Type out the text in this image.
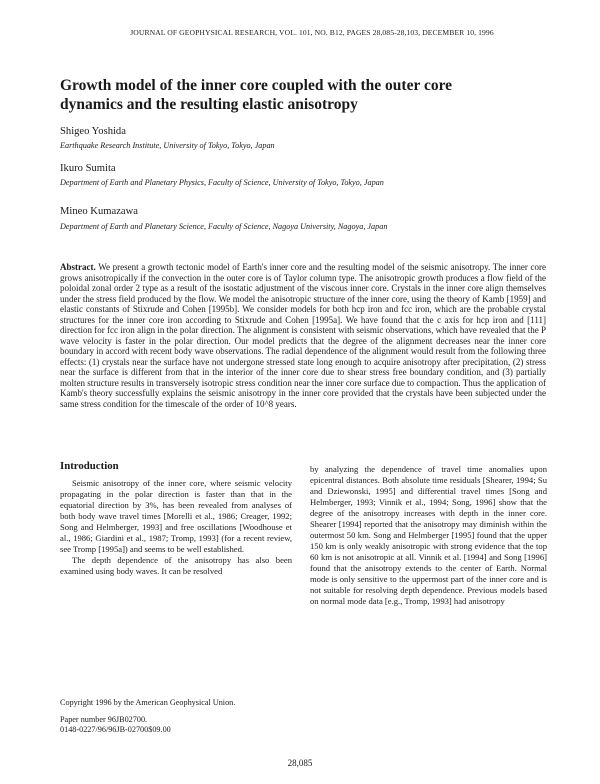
JOURNAL OF GEOPHYSICAL RESEARCH, VOL. 101, NO. B12, PAGES 28,085-28,103, DECEMBER 10, 1996
Growth model of the inner core coupled with the outer core dynamics and the resulting elastic anisotropy
Shigeo Yoshida
Earthquake Research Institute, University of Tokyo, Tokyo, Japan
Ikuro Sumita
Department of Earth and Planetary Physics, Faculty of Science, University of Tokyo, Tokyo, Japan
Mineo Kumazawa
Department of Earth and Planetary Science, Faculty of Science, Nagoya University, Nagoya, Japan
Abstract. We present a growth tectonic model of Earth's inner core and the resulting model of the seismic anisotropy. The inner core grows anisotropically if the convection in the outer core is of Taylor column type. The anisotropic growth produces a flow field of the poloidal zonal order 2 type as a result of the isostatic adjustment of the viscous inner core. Crystals in the inner core align themselves under the stress field produced by the flow. We model the anisotropic structure of the inner core, using the theory of Kamb [1959] and elastic constants of Stixrude and Cohen [1995b]. We consider models for both hcp iron and fcc iron, which are the probable crystal structures for the inner core iron according to Stixrude and Cohen [1995a]. We have found that the c axis for hcp iron and [111] direction for fcc iron align in the polar direction. The alignment is consistent with seismic observations, which have revealed that the P wave velocity is faster in the polar direction. Our model predicts that the degree of the alignment decreases near the inner core boundary in accord with recent body wave observations. The radial dependence of the alignment would result from the following three effects: (1) crystals near the surface have not undergone stressed state long enough to acquire anisotropy after precipitation, (2) stress near the surface is different from that in the interior of the inner core due to shear stress free boundary condition, and (3) partially molten structure results in transversely isotropic stress condition near the inner core surface due to compaction. Thus the application of Kamb's theory successfully explains the seismic anisotropy in the inner core provided that the crystals have been subjected under the same stress condition for the timescale of the order of 10^8 years.
Introduction

Seismic anisotropy of the inner core, where seismic velocity propagating in the polar direction is faster than that in the equatorial direction by 3%, has been revealed from analyses of both body wave travel times [Morelli et al., 1986; Creager, 1992; Song and Helmberger, 1993] and free oscillations [Woodhouse et al., 1986; Giardini et al., 1987; Tromp, 1993] (for a recent review, see Tromp [1995a]) and seems to be well established.

The depth dependence of the anisotropy has also been examined using body waves. It can be resolved

Copyright 1996 by the American Geophysical Union.
Paper number 96JB02700.
0148-0227/96/96JB-02700$09.00
by analyzing the dependence of travel time anomalies upon epicentral distances. Both absolute time residuals [Shearer, 1994; Su and Dziewonski, 1995] and differential travel times [Song and Helmberger, 1993; Vinnik et al., 1994; Song, 1996] show that the degree of the anisotropy increases with depth in the inner core. Shearer [1994] reported that the anisotropy may diminish within the outermost 50 km. Song and Helmberger [1995] found that the upper 150 km is only weakly anisotropic with strong evidence that the top 60 km is not anisotropic at all. Vinnik et al. [1994] and Song [1996] found that the anisotropy extends to the center of Earth. Normal mode is only sensitive to the uppermost part of the inner core and is not suitable for resolving depth dependence. Previous models based on normal mode data [e.g., Tromp, 1993] had anisotropy
28,085
